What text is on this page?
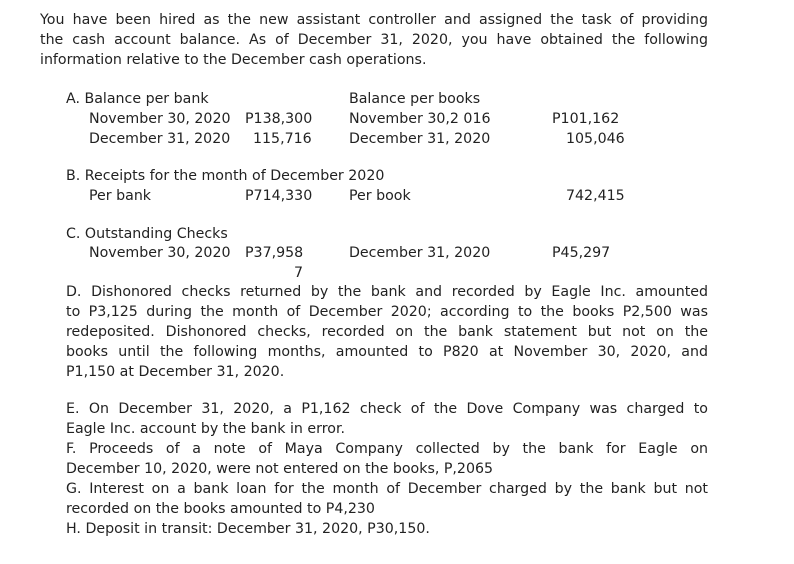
You have been hired as the new assistant controller and assigned the task of providing
the cash account balance. As of December 31, 2020, you have obtained the following
information relative to the December cash operations.
A. Balance per bank	Balance per books
November 30, 2020 P138,300	November 30,2 016	P101,162
December 31, 2020 115,716	December 31, 2020	105,046
B. Receipts for the month of December 2020
Per bank	P714,330	Per book	742,415
C. Outstanding Checks
November 30, 2020 P37,958	December 31, 2020	P45,297
7
D. Dishonored checks returned by the bank and recorded by Eagle Inc. amounted
to P3,125 during the month of December 2020; according to the books P2,500 was
redeposited. Dishonored checks, recorded on the bank statement but not on the
books until the following months, amounted to P820 at November 30, 2020, and
P1,150 at December 31, 2020.
E. On December 31, 2020, a P1,162 check of the Dove Company was charged to
Eagle Inc. account by the bank in error.
F. Proceeds of a note of Maya Company collected by the bank for Eagle on
December 10, 2020, were not entered on the books, P,2065
G. Interest on a bank loan for the month of December charged by the bank but not
recorded on the books amounted to P4,230
H. Deposit in transit: December 31, 2020, P30,150.
